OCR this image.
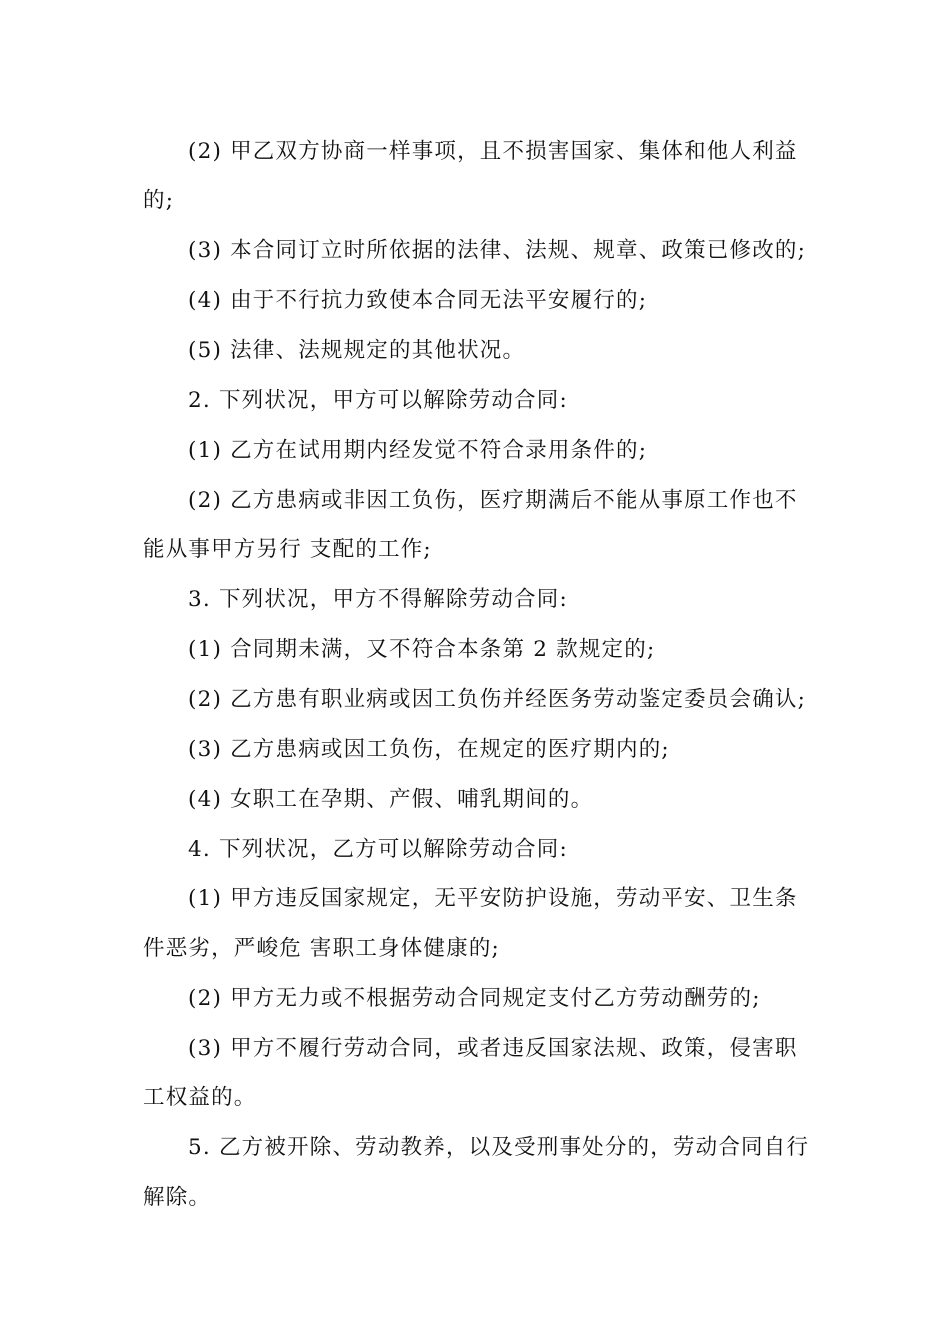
(2) 甲乙双方协商一样事项，且不损害国家、集体和他人利益
的;
(3) 本合同订立时所依据的法律、法规、规章、政策已修改的;
(4) 由于不行抗力致使本合同无法平安履行的;
(5) 法律、法规规定的其他状况。
2. 下列状况，甲方可以解除劳动合同:
(1) 乙方在试用期内经发觉不符合录用条件的;
(2) 乙方患病或非因工负伤，医疗期满后不能从事原工作也不
能从事甲方另行 支配的工作;
3. 下列状况，甲方不得解除劳动合同:
(1) 合同期未满，又不符合本条第 2 款规定的;
(2) 乙方患有职业病或因工负伤并经医务劳动鉴定委员会确认;
(3) 乙方患病或因工负伤，在规定的医疗期内的;
(4) 女职工在孕期、产假、哺乳期间的。
4. 下列状况，乙方可以解除劳动合同:
(1) 甲方违反国家规定，无平安防护设施，劳动平安、卫生条
件恶劣，严峻危 害职工身体健康的;
(2) 甲方无力或不根据劳动合同规定支付乙方劳动酬劳的;
(3) 甲方不履行劳动合同，或者违反国家法规、政策，侵害职
工权益的。
5. 乙方被开除、劳动教养，以及受刑事处分的，劳动合同自行
解除。
